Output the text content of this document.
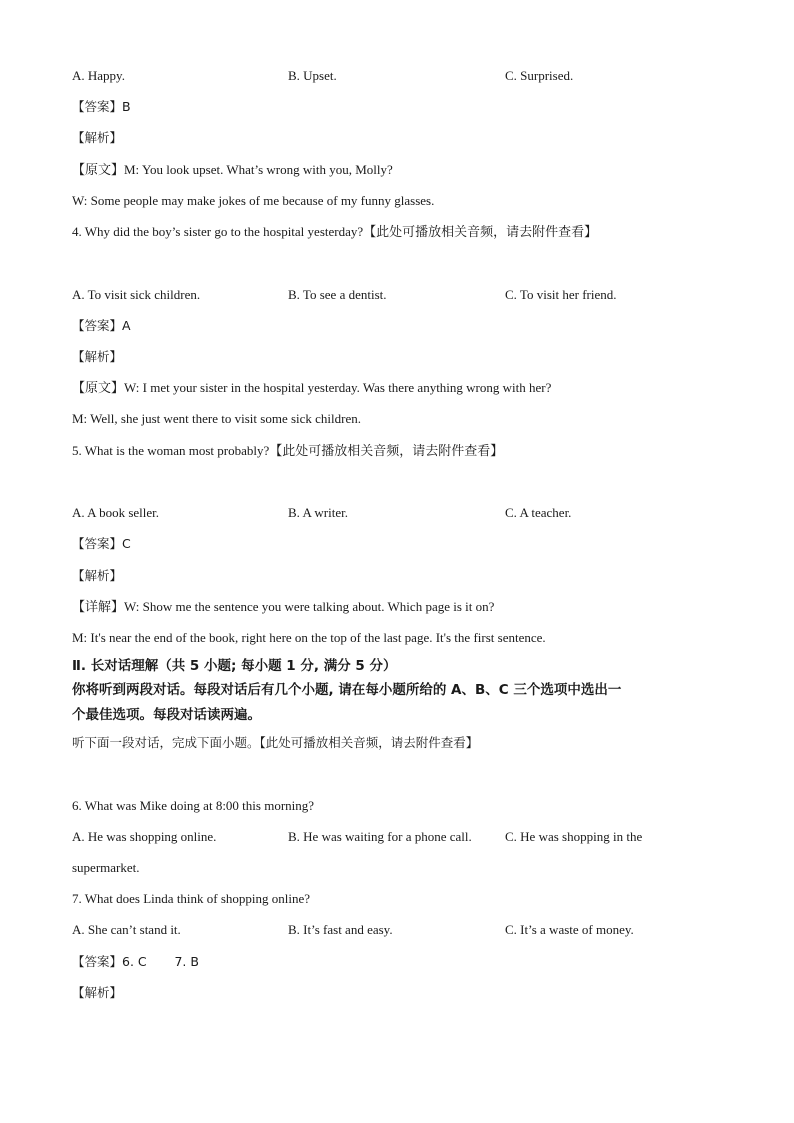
A. Happy.	B. Upset.	C. Surprised.
【答案】B
【解析】
【原文】M: You look upset. What’s wrong with you, Molly?
W: Some people may make jokes of me because of my funny glasses.
4. Why did the boy’s sister go to the hospital yesterday?【此处可播放相关音频，请去附件查看】
A. To visit sick children.	B. To see a dentist.	C. To visit her friend.
【答案】A
【解析】
【原文】W: I met your sister in the hospital yesterday. Was there anything wrong with her?
M: Well, she just went there to visit some sick children.
5. What is the woman most probably?【此处可播放相关音频，请去附件查看】
A. A book seller.	B. A writer.	C. A teacher.
【答案】C
【解析】
【详解】W: Show me the sentence you were talking about. Which page is it on?
M: It's near the end of the book, right here on the top of the last page. It's the first sentence.
Ⅱ. 长对话理解（共 5 小题; 每小题 1 分, 满分 5 分）
你将听到两段对话。每段对话后有几个小题, 请在每小题所给的 A、B、C 三个选项中选出一
个最佳选项。每段对话读两遍。
听下面一段对话，完成下面小题。【此处可播放相关音频，请去附件查看】
6. What was Mike doing at 8:00 this morning?
A. He was shopping online.	B. He was waiting for a phone call.	C. He was shopping in the
supermarket.
7. What does Linda think of shopping online?
A. She can’t stand it.	B. It’s fast and easy.	C. It’s a waste of money.
【答案】6. C       7. B
【解析】
